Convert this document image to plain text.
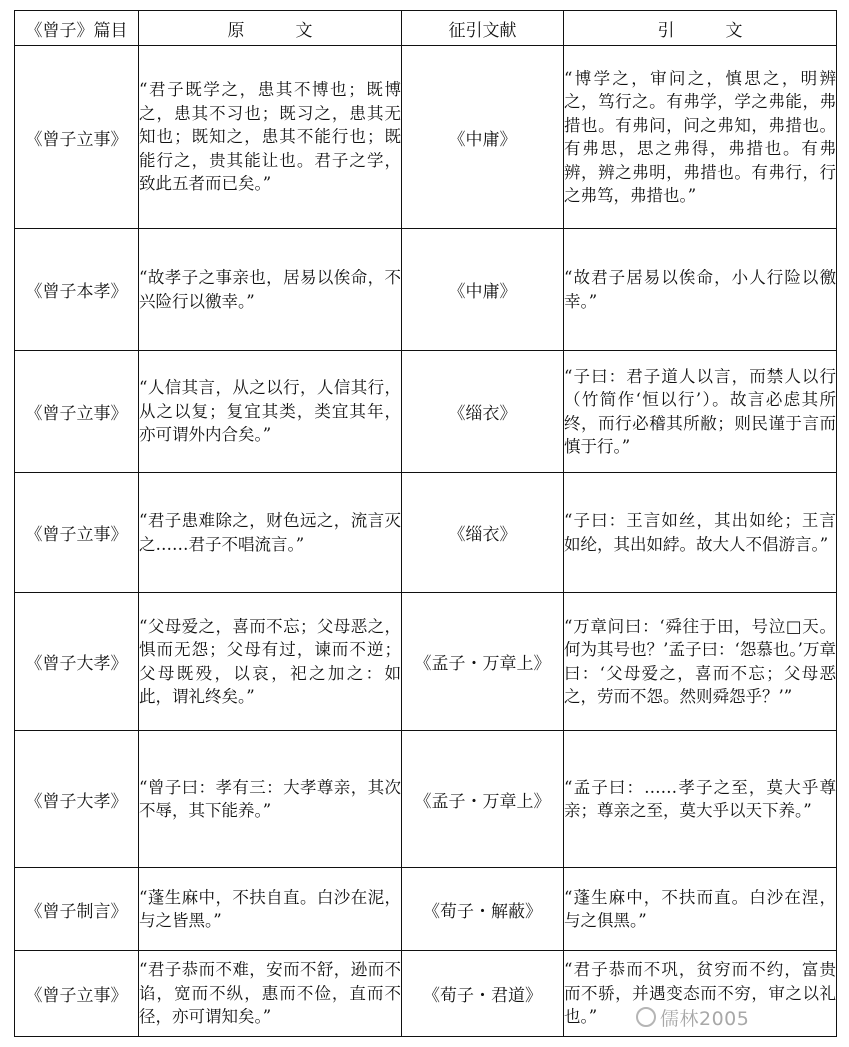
《曾子》篇目	原　　　文	征引文献	引　　　文
《曾子立事》	“君子既学之，患其不博也；既博之，患其不习也；既习之，患其无知也；既知之，患其不能行也；既能行之，贵其能让也。君子之学，致此五者而已矣。”	《中庸》	“博学之，审问之，慎思之，明辨之，笃行之。有弗学，学之弗能，弗措也。有弗问，问之弗知，弗措也。有弗思，思之弗得，弗措也。有弗辨，辨之弗明，弗措也。有弗行，行之弗笃，弗措也。”
《曾子本孝》	“故孝子之事亲也，居易以俟命，不兴险行以徼幸。”	《中庸》	“故君子居易以俟命，小人行险以徼幸。”
《曾子立事》	“人信其言，从之以行，人信其行，从之以复；复宜其类，类宜其年，亦可谓外内合矣。”	《缁衣》	“子曰：君子道人以言，而禁人以行（竹简作‘恒以行’）。故言必虑其所终，而行必稽其所敝；则民谨于言而慎于行。”
《曾子立事》	“君子患难除之，财色远之，流言灭之……君子不唱流言。”	《缁衣》	“子曰：王言如丝，其出如纶；王言如纶，其出如綍。故大人不倡游言。”
《曾子大孝》	“父母爱之，喜而不忘；父母恶之，惧而无怨；父母有过，谏而不逆；父母既殁，以哀，祀之加之：如此，谓礼终矣。”	《孟子・万章上》	“万章问曰：‘舜往于田，号泣□天。何为其号也？’孟子曰：‘怨慕也。’万章曰：‘父母爱之，喜而不忘；父母恶之，劳而不怨。然则舜怨乎？’”
《曾子大孝》	“曾子曰：孝有三：大孝尊亲，其次不辱，其下能养。”	《孟子・万章上》	“孟子曰：……孝子之至，莫大乎尊亲；尊亲之至，莫大乎以天下养。”
《曾子制言》	“蓬生麻中，不扶自直。白沙在泥，与之皆黑。”	《荀子・解蔽》	“蓬生麻中，不扶而直。白沙在涅，与之俱黑。”
《曾子立事》	“君子恭而不难，安而不舒，逊而不谄，宽而不纵，惠而不俭，直而不径，亦可谓知矣。”	《荀子・君道》	“君子恭而不巩，贫穷而不约，富贵而不骄，并遇变态而不穷，审之以礼也。”	儒林2005
